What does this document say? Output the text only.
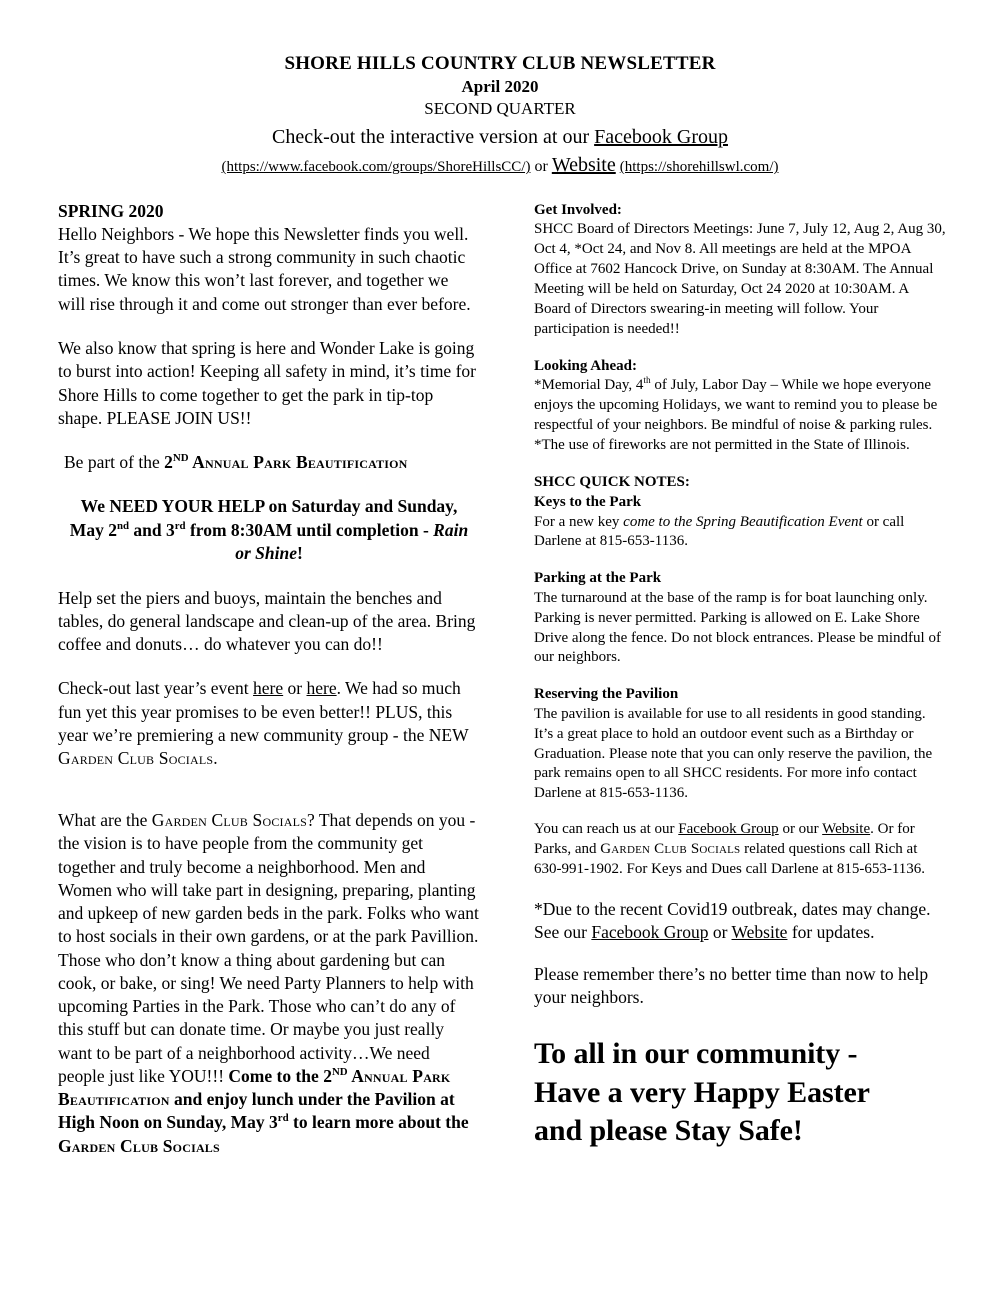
SHORE HILLS COUNTRY CLUB NEWSLETTER
April 2020
SECOND QUARTER
Check-out the interactive version at our Facebook Group
(https://www.facebook.com/groups/ShoreHillsCC/) or Website (https://shorehillswl.com/)
SPRING 2020

Hello Neighbors - We hope this Newsletter finds you well. It’s great to have such a strong community in such chaotic times. We know this won’t last forever, and together we will rise through it and come out stronger than ever before.

We also know that spring is here and Wonder Lake is going to burst into action! Keeping all safety in mind, it’s time for Shore Hills to come together to get the park in tip-top shape. PLEASE JOIN US!!

Be part of the 2ND Annual Park Beautification
We NEED YOUR HELP on Saturday and Sunday, May 2nd and 3rd from 8:30AM until completion - Rain or Shine!

Help set the piers and buoys, maintain the benches and tables, do general landscape and clean-up of the area. Bring coffee and donuts… do whatever you can do!!

Check-out last year’s event here or here. We had so much fun yet this year promises to be even better!! PLUS, this year we’re premiering a new community group - the NEW Garden Club Socials.

What are the Garden Club Socials? That depends on you - the vision is to have people from the community get together and truly become a neighborhood. Men and Women who will take part in designing, preparing, planting and upkeep of new garden beds in the park. Folks who want to host socials in their own gardens, or at the park Pavillion. Those who don’t know a thing about gardening but can cook, or bake, or sing! We need Party Planners to help with upcoming Parties in the Park. Those who can’t do any of this stuff but can donate time. Or maybe you just really want to be part of a neighborhood activity…We need people just like YOU!!! Come to the 2ND Annual Park Beautification and enjoy lunch under the Pavilion at High Noon on Sunday, May 3rd to learn more about the Garden Club Socials

Get Involved:

SHCC Board of Directors Meetings: June 7, July 12, Aug 2, Aug 30, Oct 4, *Oct 24, and Nov 8. All meetings are held at the MPOA Office at 7602 Hancock Drive, on Sunday at 8:30AM. The Annual Meeting will be held on Saturday, Oct 24 2020 at 10:30AM. A Board of Directors swearing-in meeting will follow. Your participation is needed!!

Looking Ahead:

*Memorial Day, 4th of July, Labor Day – While we hope everyone enjoys the upcoming Holidays, we want to remind you to please be respectful of your neighbors. Be mindful of noise & parking rules. *The use of fireworks are not permitted in the State of Illinois.

SHCC QUICK NOTES:
Keys to the Park

For a new key come to the Spring Beautification Event or call Darlene at 815-653-1136.

Parking at the Park

The turnaround at the base of the ramp is for boat launching only. Parking is never permitted. Parking is allowed on E. Lake Shore Drive along the fence. Do not block entrances. Please be mindful of our neighbors.

Reserving the Pavilion

The pavilion is available for use to all residents in good standing. It’s a great place to hold an outdoor event such as a Birthday or Graduation. Please note that you can only reserve the pavilion, the park remains open to all SHCC residents. For more info contact Darlene at 815-653-1136.

You can reach us at our Facebook Group or our Website. Or for Parks, and Garden Club Socials related questions call Rich at 630-991-1902. For Keys and Dues call Darlene at 815-653-1136.

*Due to the recent Covid19 outbreak, dates may change. See our Facebook Group or Website for updates.

Please remember there’s no better time than now to help your neighbors.

To all in our community -
Have a very Happy Easter
and please Stay Safe!
